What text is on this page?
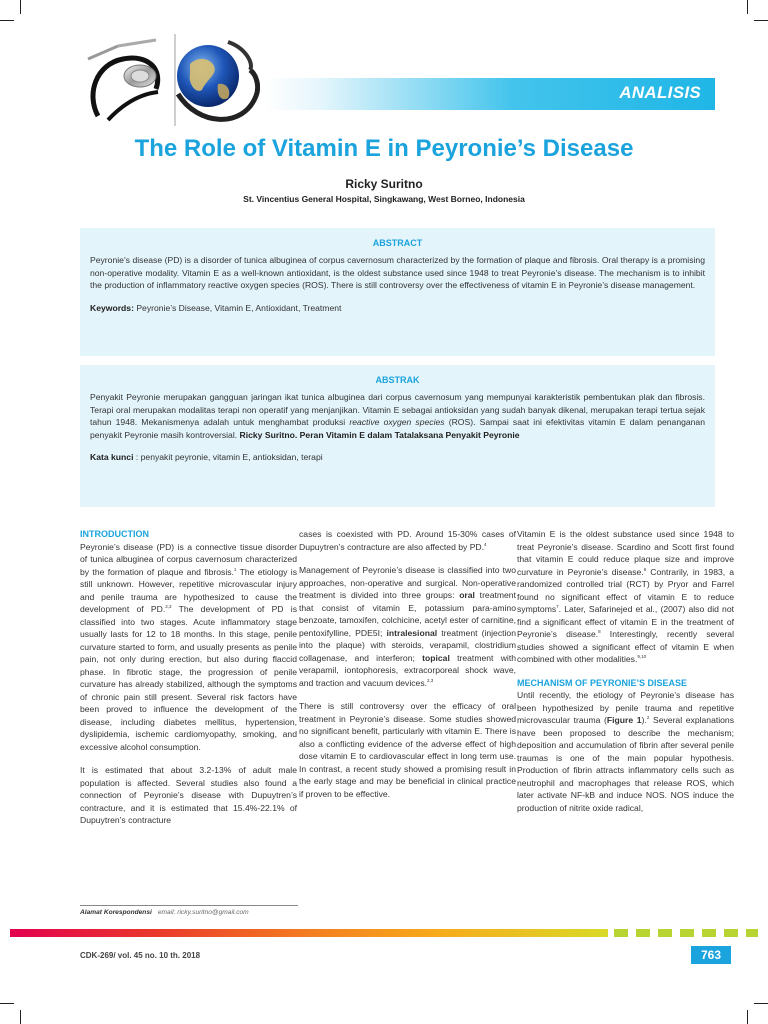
ANALISIS
The Role of Vitamin E in Peyronie’s Disease
Ricky Suritno
St. Vincentius General Hospital, Singkawang, West Borneo, Indonesia
ABSTRACT

Peyronie’s disease (PD) is a disorder of tunica albuginea of corpus cavernosum characterized by the formation of plaque and fibrosis. Oral therapy is a promising non-operative modality. Vitamin E as a well-known antioxidant, is the oldest substance used since 1948 to treat Peyronie’s disease. The mechanism is to inhibit the production of inflammatory reactive oxygen species (ROS). There is still controversy over the effectiveness of vitamin E in Peyronie’s disease management.

Keywords: Peyronie’s Disease, Vitamin E, Antioxidant, Treatment

ABSTRAK

Penyakit Peyronie merupakan gangguan jaringan ikat tunica albuginea dari corpus cavernosum yang mempunyai karakteristik pembentukan plak dan fibrosis. Terapi oral merupakan modalitas terapi non operatif yang menjanjikan. Vitamin E sebagai antioksidan yang sudah banyak dikenal, merupakan terapi tertua sejak tahun 1948. Mekanismenya adalah untuk menghambat produksi reactive oxygen species (ROS). Sampai saat ini efektivitas vitamin E dalam penanganan penyakit Peyronie masih kontroversial. Ricky Suritno. Peran Vitamin E dalam Tatalaksana Penyakit Peyronie

Kata kunci : penyakit peyronie, vitamin E, antioksidan, terapi

INTRODUCTION

Peyronie’s disease (PD) is a connective tissue disorder of tunica albuginea of corpus cavernosum characterized by the formation of plaque and fibrosis.$^1$ The etiology is still unknown. However, repetitive microvascular injury and penile trauma are hypothesized to cause the development of PD.$^{2,3}$ The development of PD is classified into two stages. Acute inflammatory stage usually lasts for 12 to 18 months. In this stage, penile curvature started to form, and usually presents as penile pain, not only during erection, but also during flaccid phase. In fibrotic stage, the progression of penile curvature has already stabilized, although the symptoms of chronic pain still present. Several risk factors have been proved to influence the development of the disease, including diabetes mellitus, hypertension, dyslipidemia, ischemic cardiomyopathy, smoking, and excessive alcohol consumption.

It is estimated that about 3.2-13% of adult male population is affected. Several studies also found a connection of Peyronie’s disease with Dupuytren’s contracture, and it is estimated that 15.4%-22.1% of Dupuytren’s contracture

cases is coexisted with PD. Around 15-30% cases of Dupuytren’s contracture are also affected by PD.$^4$

Management of Peyronie’s disease is classified into two approaches, non-operative and surgical. Non-operative treatment is divided into three groups: oral treatment that consist of vitamin E, potassium para-amino benzoate, tamoxifen, colchicine, acetyl ester of carnitine, pentoxifylline, PDE5I; intralesional treatment (injection into the plaque) with steroids, verapamil, clostridium collagenase, and interferon; topical treatment with verapamil, iontophoresis, extracorporeal shock wave, and traction and vacuum devices.$^{2,3}$

There is still controversy over the efficacy of oral treatment in Peyronie’s disease. Some studies showed no significant benefit, particularly with vitamin E. There is also a conflicting evidence of the adverse effect of high dose vitamin E to cardiovascular effect in long term use. In contrast, a recent study showed a promising result in the early stage and may be beneficial in clinical practice if proven to be effective.

Vitamin E is the oldest substance used since 1948 to treat Peyronie’s disease. Scardino and Scott first found that vitamin E could reduce plaque size and improve curvature in Peyronie’s disease.$^6$ Contrarily, in 1983, a randomized controlled trial (RCT) by Pryor and Farrel found no significant effect of vitamin E to reduce symptoms$^7$. Later, Safarinejed et al., (2007) also did not find a significant effect of vitamin E in the treatment of Peyronie’s disease.$^8$ Interestingly, recently several studies showed a significant effect of vitamin E when combined with other modalities.$^{9,10}$

MECHANISM OF PEYRONIE’S DISEASE

Until recently, the etiology of Peyronie’s disease has been hypothesized by penile trauma and repetitive microvascular trauma (Figure 1).$^2$ Several explanations have been proposed to describe the mechanism; deposition and accumulation of fibrin after several penile traumas is one of the main popular hypothesis. Production of fibrin attracts inflammatory cells such as neutrophil and macrophages that release ROS, which later activate NF-kB and induce NOS. NOS induce the production of nitrite oxide radical,

Alamat Korespondensi email: ricky.suritno@gmail.com
CDK-269/ vol. 45 no. 10 th. 2018	763
